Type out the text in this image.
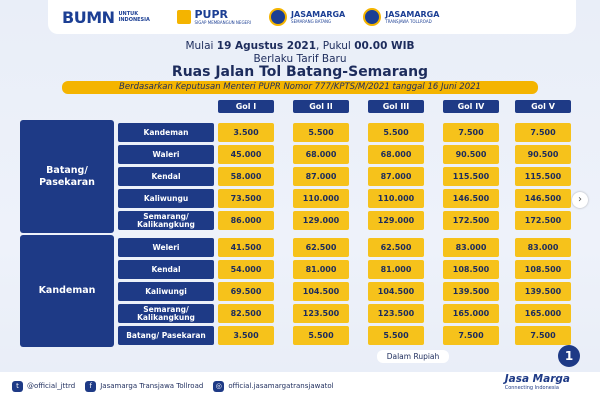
BUMN UNTUK INDONESIA	PUPR
SIGAP MEMBANGUN NEGERI
JASAMARGA
SEMARANG BATANG
JASAMARGA
TRANSJAWA TOLLROAD
Mulai 19 Agustus 2021, Pukul 00.00 WIB
Berlaku Tarif Baru
Ruas Jalan Tol Batang-Semarang
Berdasarkan Keputusan Menteri PUPR Nomor 777/KPTS/M/2021 tanggal 16 Juni 2021
Gol I	Gol II	Gol III	Gol IV	Gol V
Batang/ Pasekaran
Kandeman	3.500	5.500	5.500	7.500	7.500
Waleri	45.000	68.000	68.000	90.500	90.500
Kendal	58.000	87.000	87.000	115.500	115.500
Kaliwungu	73.500	110.000	110.000	146.500	146.500
Semarang/ Kalikangkung	86.000	129.000	129.000	172.500	172.500
Kandeman
Weleri	41.500	62.500	62.500	83.000	83.000
Kendal	54.000	81.000	81.000	108.500	108.500
Kaliwungi	69.500	104.500	104.500	139.500	139.500
Semarang/ Kalikangkung	82.500	123.500	123.500	165.000	165.000
Batang/ Pasekaran	3.500	5.500	5.500	7.500	7.500
›
Dalam Rupiah	1
t	@official_jttrd	f	Jasamarga Transjawa Tollroad	◎ official.jasamargatransjawatol
Jasa Marga
Connecting Indonesia
